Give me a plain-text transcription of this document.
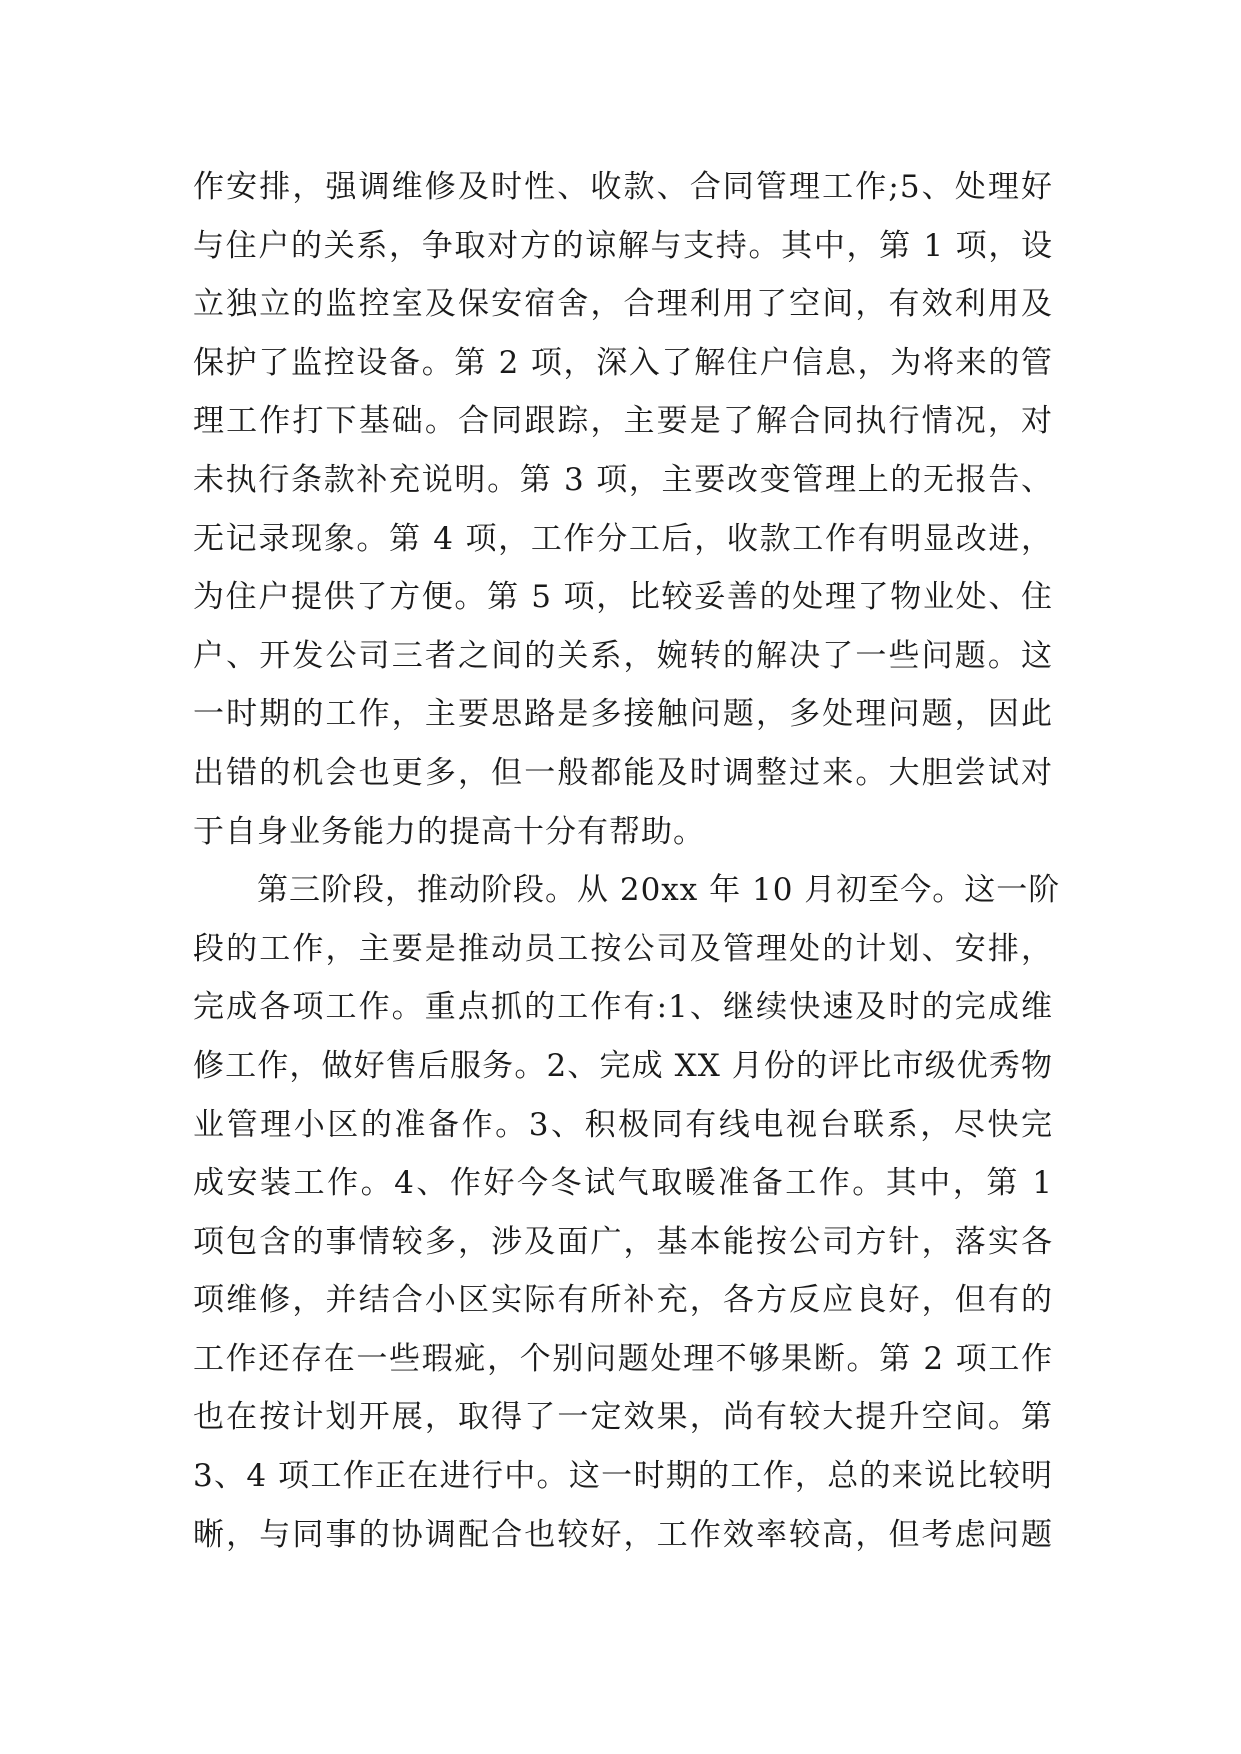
作安排，强调维修及时性、收款、合同管理工作;5、处理好
与住户的关系，争取对方的谅解与支持。其中，第 1 项，设
立独立的监控室及保安宿舍，合理利用了空间，有效利用及
保护了监控设备。第 2 项，深入了解住户信息，为将来的管
理工作打下基础。合同跟踪，主要是了解合同执行情况，对
未执行条款补充说明。第 3 项，主要改变管理上的无报告、
无记录现象。第 4 项，工作分工后，收款工作有明显改进，
为住户提供了方便。第 5 项，比较妥善的处理了物业处、住
户、开发公司三者之间的关系，婉转的解决了一些问题。这
一时期的工作，主要思路是多接触问题，多处理问题，因此
出错的机会也更多，但一般都能及时调整过来。大胆尝试对
于自身业务能力的提高十分有帮助。
第三阶段，推动阶段。从 20xx 年 10 月初至今。这一阶
段的工作，主要是推动员工按公司及管理处的计划、安排，
完成各项工作。重点抓的工作有:1、继续快速及时的完成维
修工作，做好售后服务。2、完成 XX 月份的评比市级优秀物
业管理小区的准备作。3、积极同有线电视台联系，尽快完
成安装工作。4、作好今冬试气取暖准备工作。其中，第 1
项包含的事情较多，涉及面广，基本能按公司方针，落实各
项维修，并结合小区实际有所补充，各方反应良好，但有的
工作还存在一些瑕疵，个别问题处理不够果断。第 2 项工作
也在按计划开展，取得了一定效果，尚有较大提升空间。第
3、4 项工作正在进行中。这一时期的工作，总的来说比较明
晰，与同事的协调配合也较好，工作效率较高，但考虑问题
